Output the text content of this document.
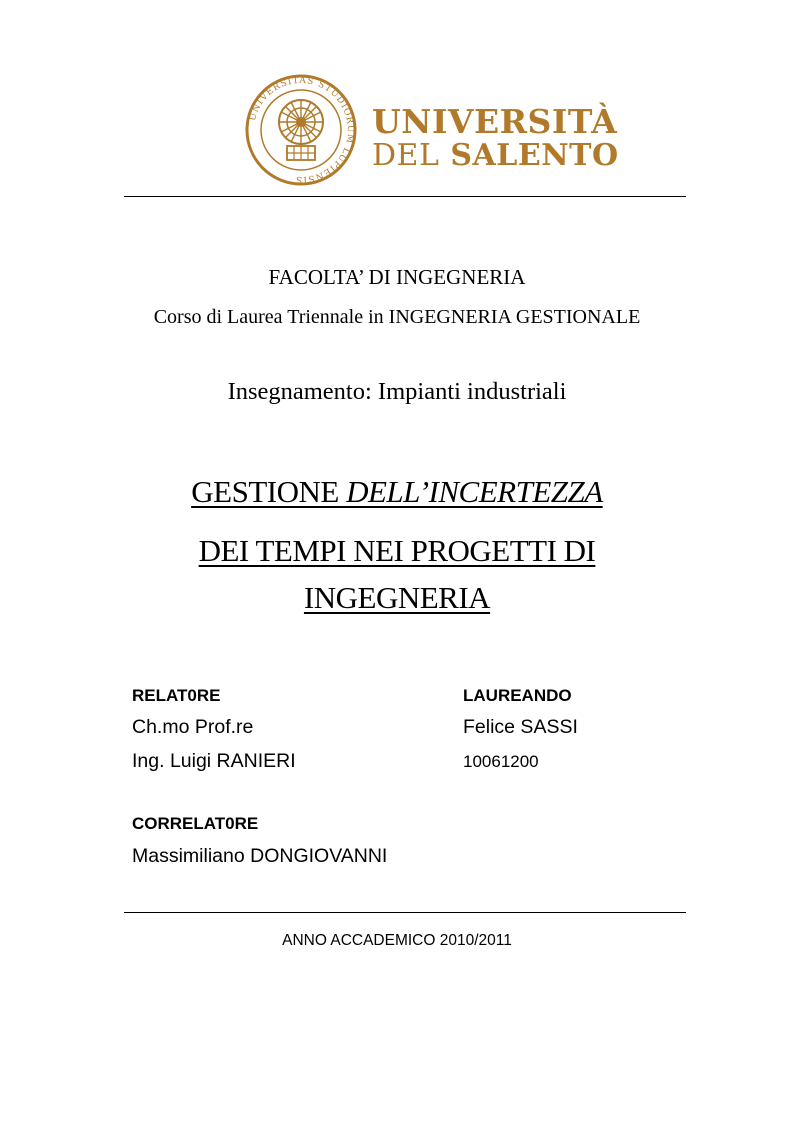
UNIVERSITAS STUDIORUM LUPIENSIS
UNIVERSITÀ
DEL SALENTO
FACOLTA’ DI INGEGNERIA
Corso di Laurea Triennale in INGEGNERIA GESTIONALE
Insegnamento: Impianti industriali
GESTIONE DELL’INCERTEZZA
DEI TEMPI NEI PROGETTI DI
INGEGNERIA
RELAT0RE
Ch.mo Prof.re
Ing. Luigi RANIERI
LAUREANDO
Felice SASSI
10061200
CORRELAT0RE
Massimiliano DONGIOVANNI
ANNO ACCADEMICO 2010/2011
